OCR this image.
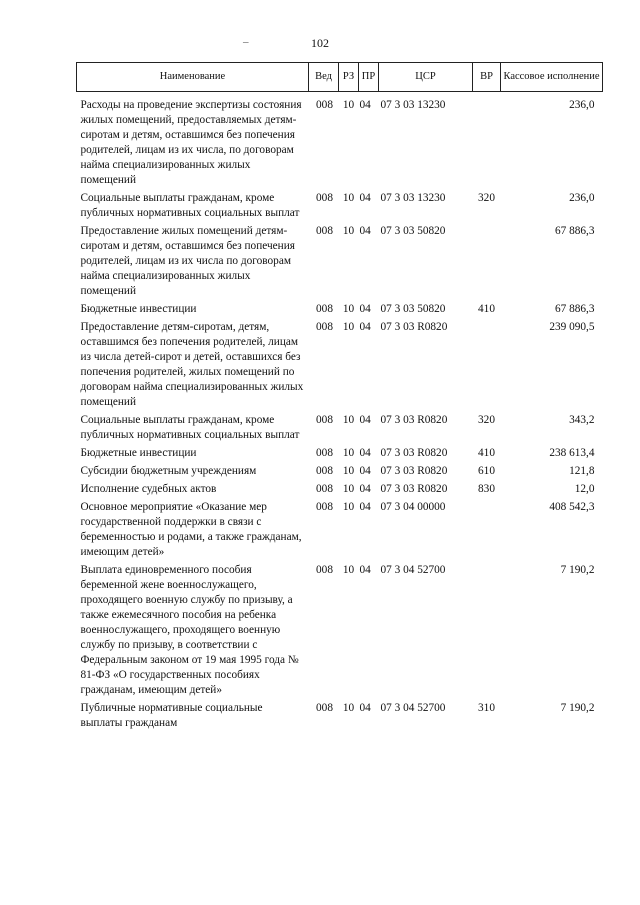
102
–
Наименование	Вед	РЗ	ПР	ЦСР	ВР	Кассовое исполнение

Расходы на проведение экспертизы состояния жилых помещений, предоставляемых детям-сиротам и детям, оставшимся без попечения родителей, лицам из их числа, по договорам найма специализированных жилых помещений	008	10	04	07 3 03 13230		236,0
Социальные выплаты гражданам, кроме публичных нормативных социальных выплат	008	10	04	07 3 03 13230	320	236,0
Предоставление жилых помещений детям-сиротам и детям, оставшимся без попечения родителей, лицам из их числа по договорам найма специализированных жилых помещений	008	10	04	07 3 03 50820		67 886,3
Бюджетные инвестиции	008	10	04	07 3 03 50820	410	67 886,3
Предоставление детям-сиротам, детям, оставшимся без попечения родителей, лицам из числа детей-сирот и детей, оставшихся без попечения родителей, жилых помещений по договорам найма специализированных жилых помещений	008	10	04	07 3 03 R0820		239 090,5
Социальные выплаты гражданам, кроме публичных нормативных социальных выплат	008	10	04	07 3 03 R0820	320	343,2
Бюджетные инвестиции	008	10	04	07 3 03 R0820	410	238 613,4
Субсидии бюджетным учреждениям	008	10	04	07 3 03 R0820	610	121,8
Исполнение судебных актов	008	10	04	07 3 03 R0820	830	12,0
Основное мероприятие «Оказание мер государственной поддержки в связи с беременностью и родами, а также гражданам, имеющим детей»	008	10	04	07 3 04 00000		408 542,3
Выплата единовременного пособия беременной жене военнослужащего, проходящего военную службу по призыву, а также ежемесячного пособия на ребенка военнослужащего, проходящего военную службу по призыву, в соответствии с Федеральным законом от 19 мая 1995 года № 81-ФЗ «О государственных пособиях гражданам, имеющим детей»	008	10	04	07 3 04 52700		7 190,2
Публичные нормативные социальные выплаты гражданам	008	10	04	07 3 04 52700	310	7 190,2
